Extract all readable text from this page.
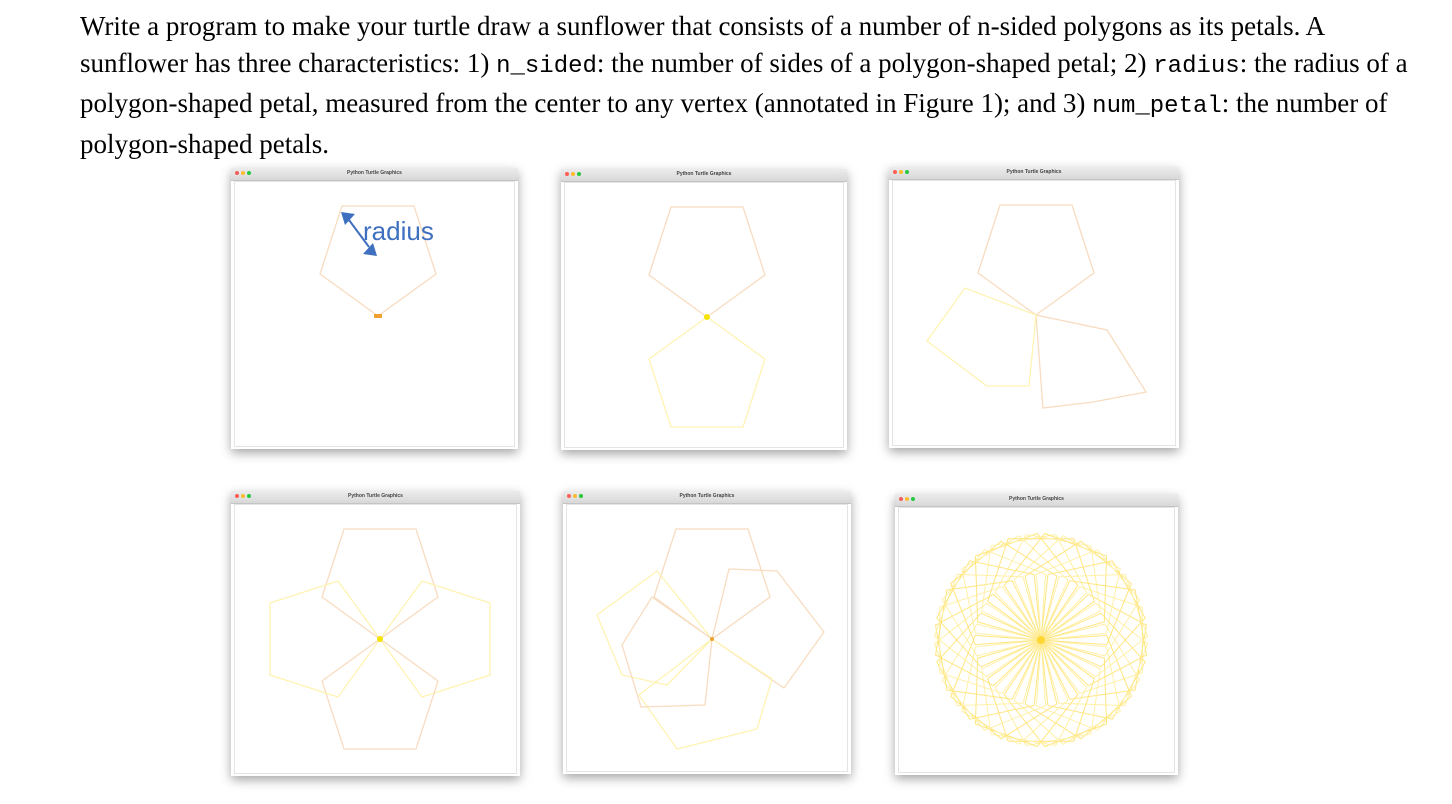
Write a program to make your turtle draw a sunflower that consists of a number of n-sided polygons as its petals. A sunflower has three characteristics: 1) n_sided: the number of sides of a polygon-shaped petal; 2) radius: the radius of a polygon-shaped petal, measured from the center to any vertex (annotated in Figure 1); and 3) num_petal: the number of polygon-shaped petals.

Python Turtle Graphics
radius
Python Turtle Graphics	Python Turtle Graphics
Python Turtle Graphics	Python Turtle Graphics	Python Turtle Graphics
